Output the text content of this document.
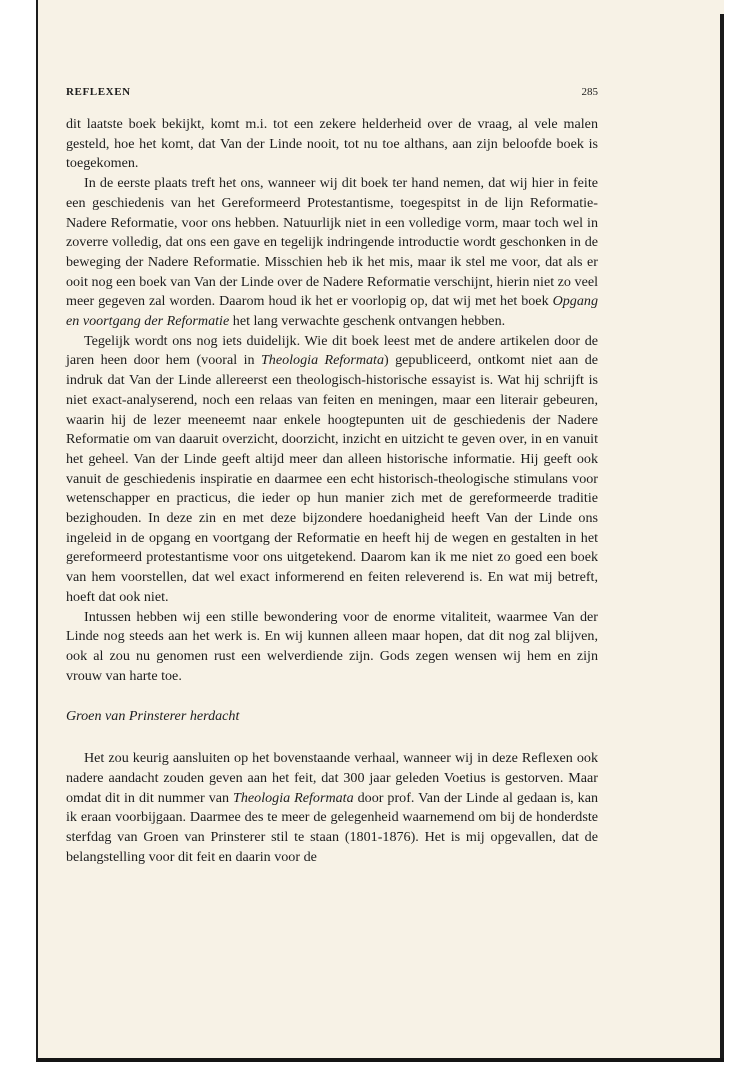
REFLEXEN	285

dit laatste boek bekijkt, komt m.i. tot een zekere helderheid over de vraag, al vele malen gesteld, hoe het komt, dat Van der Linde nooit, tot nu toe althans, aan zijn beloofde boek is toegekomen.

In de eerste plaats treft het ons, wanneer wij dit boek ter hand nemen, dat wij hier in feite een geschiedenis van het Gereformeerd Protestantisme, toegespitst in de lijn Reformatie-Nadere Reformatie, voor ons hebben. Natuurlijk niet in een volledige vorm, maar toch wel in zoverre volledig, dat ons een gave en tegelijk indringende introductie wordt geschonken in de beweging der Nadere Reformatie. Misschien heb ik het mis, maar ik stel me voor, dat als er ooit nog een boek van Van der Linde over de Nadere Reformatie verschijnt, hierin niet zo veel meer gegeven zal worden. Daarom houd ik het er voorlopig op, dat wij met het boek Opgang en voortgang der Reformatie het lang verwachte geschenk ontvangen hebben.

Tegelijk wordt ons nog iets duidelijk. Wie dit boek leest met de andere artikelen door de jaren heen door hem (vooral in Theologia Reformata) gepubliceerd, ontkomt niet aan de indruk dat Van der Linde allereerst een theologisch-historische essayist is. Wat hij schrijft is niet exact-analyserend, noch een relaas van feiten en meningen, maar een literair gebeuren, waarin hij de lezer meeneemt naar enkele hoogtepunten uit de geschiedenis der Nadere Reformatie om van daaruit overzicht, doorzicht, inzicht en uitzicht te geven over, in en vanuit het geheel. Van der Linde geeft altijd meer dan alleen historische informatie. Hij geeft ook vanuit de geschiedenis inspiratie en daarmee een echt historisch-theologische stimulans voor wetenschapper en practicus, die ieder op hun manier zich met de gereformeerde traditie bezighouden. In deze zin en met deze bijzondere hoedanigheid heeft Van der Linde ons ingeleid in de opgang en voortgang der Reformatie en heeft hij de wegen en gestalten in het gereformeerd protestantisme voor ons uitgetekend. Daarom kan ik me niet zo goed een boek van hem voorstellen, dat wel exact informerend en feiten releverend is. En wat mij betreft, hoeft dat ook niet.

Intussen hebben wij een stille bewondering voor de enorme vitaliteit, waarmee Van der Linde nog steeds aan het werk is. En wij kunnen alleen maar hopen, dat dit nog zal blijven, ook al zou nu genomen rust een welverdiende zijn. Gods zegen wensen wij hem en zijn vrouw van harte toe.

Groen van Prinsterer herdacht

Het zou keurig aansluiten op het bovenstaande verhaal, wanneer wij in deze Reflexen ook nadere aandacht zouden geven aan het feit, dat 300 jaar geleden Voetius is gestorven. Maar omdat dit in dit nummer van Theologia Reformata door prof. Van der Linde al gedaan is, kan ik eraan voorbijgaan. Daarmee des te meer de gelegenheid waarnemend om bij de honderdste sterfdag van Groen van Prinsterer stil te staan (1801-1876). Het is mij opgevallen, dat de belangstelling voor dit feit en daarin voor de
